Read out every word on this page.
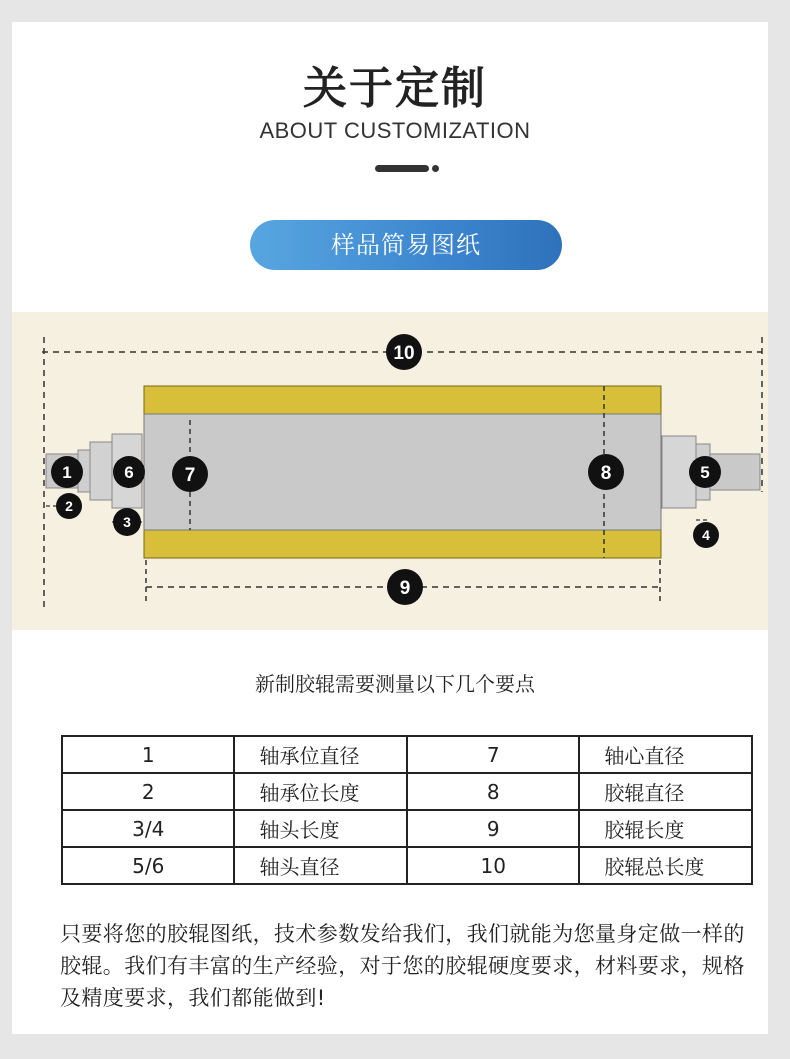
关于定制
ABOUT CUSTOMIZATION
样品简易图纸
10
1
2
6
3
7	8	5
4
9
新制胶辊需要测量以下几个要点
1	轴承位直径	7	轴心直径
2	轴承位长度	8	胶辊直径
3/4	轴头长度	9	胶辊长度
5/6	轴头直径	10	胶辊总长度
只要将您的胶辊图纸，技术参数发给我们，我们就能为您量身定做一样的胶辊。我们有丰富的生产经验，对于您的胶辊硬度要求，材料要求，规格及精度要求，我们都能做到!
